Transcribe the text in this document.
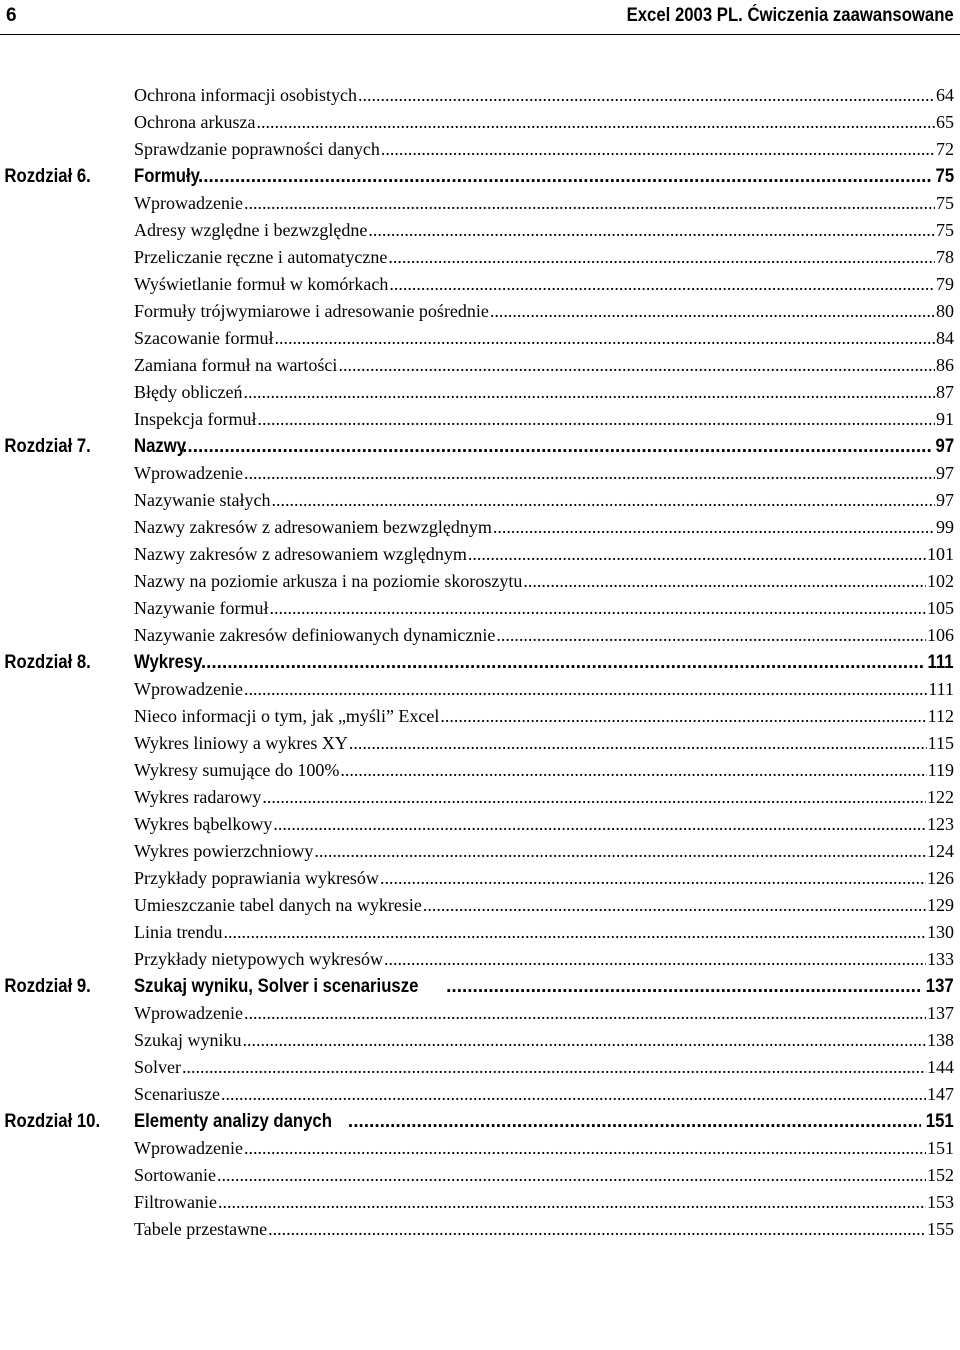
6	Excel 2003 PL. Ćwiczenia zaawansowane
Ochrona informacji osobistych .....	64
Ochrona arkusza .....	65
Sprawdzanie poprawności danych .....	72
Rozdział 6. Formuły .....	75
Wprowadzenie .....	75
Adresy względne i bezwzględne .....	75
Przeliczanie ręczne i automatyczne .....	78
Wyświetlanie formuł w komórkach .....	79
Formuły trójwymiarowe i adresowanie pośrednie .....	80
Szacowanie formuł .....	84
Zamiana formuł na wartości .....	86
Błędy obliczeń .....	87
Inspekcja formuł .....	91
Rozdział 7. Nazwy .....	97
Wprowadzenie .....	97
Nazywanie stałych .....	97
Nazwy zakresów z adresowaniem bezwzględnym .....	99
Nazwy zakresów z adresowaniem względnym .....	101
Nazwy na poziomie arkusza i na poziomie skoroszytu .....	102
Nazywanie formuł .....	105
Nazywanie zakresów definiowanych dynamicznie .....	106
Rozdział 8. Wykresy .....	111
Wprowadzenie .....	111
Nieco informacji o tym, jak „myśli” Excel .....	112
Wykres liniowy a wykres XY .....	115
Wykresy sumujące do 100% .....	119
Wykres radarowy .....	122
Wykres bąbelkowy .....	123
Wykres powierzchniowy .....	124
Przykłady poprawiania wykresów .....	126
Umieszczanie tabel danych na wykresie .....	129
Linia trendu .....	130
Przykłady nietypowych wykresów .....	133
Rozdział 9. Szukaj wyniku, Solver i scenariusze .....	137
Wprowadzenie .....	137
Szukaj wyniku .....	138
Solver .....	144
Scenariusze .....	147
Rozdział 10. Elementy analizy danych .....	151
Wprowadzenie .....	151
Sortowanie .....	152
Filtrowanie .....	153
Tabele przestawne .....	155
